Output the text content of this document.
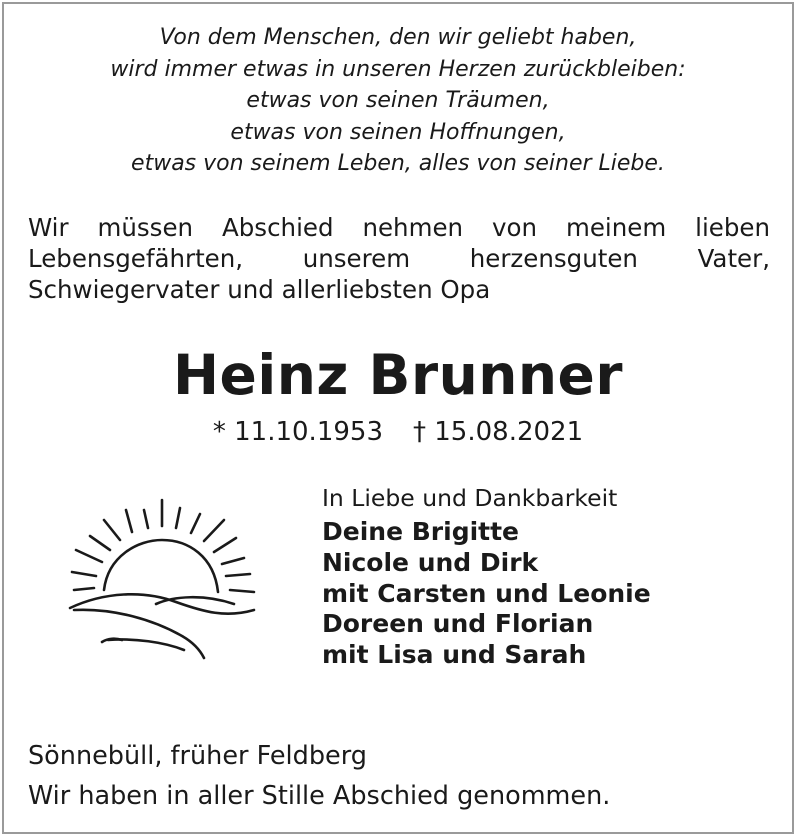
Von dem Menschen, den wir geliebt haben,
wird immer etwas in unseren Herzen zurückbleiben:
etwas von seinen Träumen,
etwas von seinen Hoffnungen,
etwas von seinem Leben, alles von seiner Liebe.
Wir müssen Abschied nehmen von meinem lieben
Lebensgefährten, unserem herzensguten Vater,
Schwiegervater und allerliebsten Opa
Heinz Brunner
* 11.10.1953 † 15.08.2021
In Liebe und Dankbarkeit
Deine Brigitte
Nicole und Dirk
mit Carsten und Leonie
Doreen und Florian
mit Lisa und Sarah
Sönnebüll, früher Feldberg
Wir haben in aller Stille Abschied genommen.
